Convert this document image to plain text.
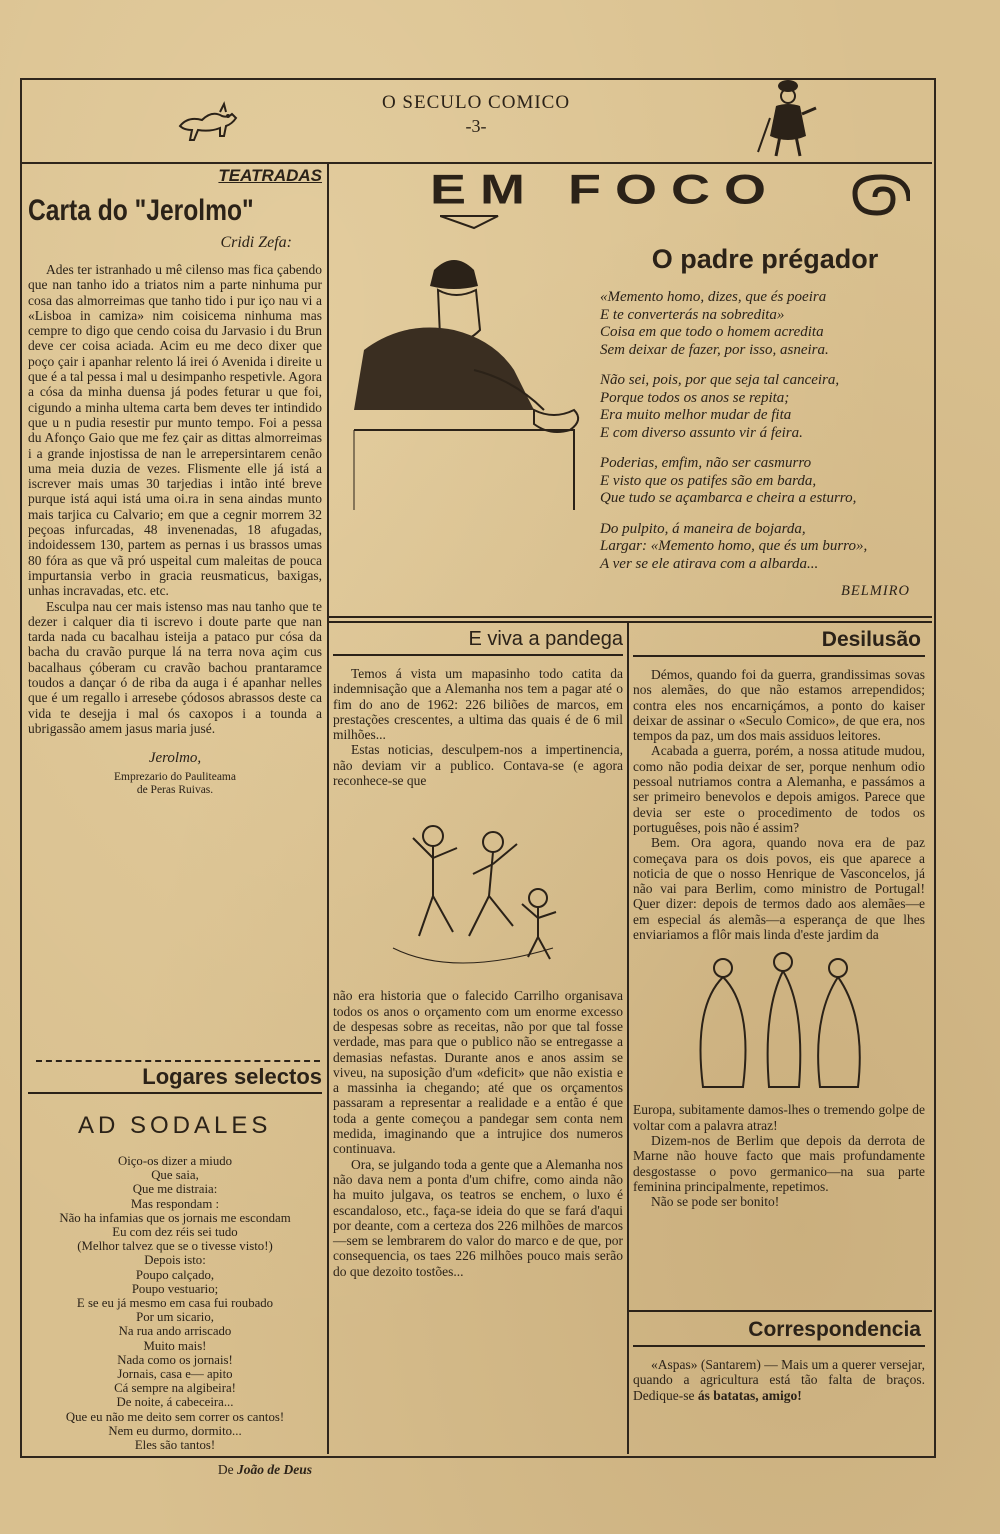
O SECULO COMICO
-3-
TEATRADAS
Carta do "Jerolmo"
Cridi Zefa:
Ades ter istranhado u mê cilenso mas fica çabendo que nan tanho ido a triatos nim a parte ninhuma pur cosa das almorreimas que tanho tido i pur iço nau vi a «Lisboa in camiza» nim coisicema ninhuma mas cempre to digo que cendo coisa du Jarvasio i du Brun deve cer coisa aciada. Acim eu me deco dixer que poço çair i apanhar relento lá irei ó Avenida i direite u que é a tal pessa i mal u desimpanho respetivle. Agora a cósa da minha duensa já podes feturar u que foi, cigundo a minha ultema carta bem deves ter intindido que u n pudia resestir pur munto tempo. Foi a pessa du Afonço Gaio que me fez çair as dittas almorreimas i a grande injostissa de nan le arrepersintarem cenão uma meia duzia de vezes. Flismente elle já istá a iscrever mais umas 30 tarjedias i intão inté breve purque istá aqui istá uma oi.ra in sena aindas munto mais tarjica cu Calvario; em que a cegnir morrem 32 peçoas infurcadas, 48 invenenadas, 18 afugadas, indoidessem 130, partem as pernas i us brassos umas 80 fóra as que vã pró uspeital cum maleitas de pouca impurtansia verbo in gracia reusmaticus, baxigas, unhas incravadas, etc. etc.
Esculpa nau cer mais istenso mas nau tanho que te dezer i calquer dia ti iscrevo i doute parte que nan tarda nada cu bacalhau isteija a pataco pur cósa da bacha du cravão purque lá na terra nova açim cus bacalhaus çóberam cu cravão bachou prantaramce toudos a dançar ó de riba da auga i é apanhar nelles que é um regallo i arresebe çódosos abrassos deste ca vida te desejja i mal ós caxopos i a tounda a ubrigassão amem jasus maria jusé.
Jerolmo,
Emprezario do Pauliteama
de Peras Ruivas.
Logares selectos
AD SODALES
Oiço-os dizer a miudo
Que saia,
Que me distraia:
Mas respondam :
Não ha infamias que os jornais me escondam
Eu com dez réis sei tudo
(Melhor talvez que se o tivesse visto!)
Depois isto:
Poupo calçado,
Poupo vestuario;
E se eu já mesmo em casa fui roubado
Por um sicario,
Na rua ando arriscado
Muito mais!
Nada como os jornais!
Jornais, casa e— apito
Cá sempre na algibeira!
De noite, á cabeceira...
Que eu não me deito sem correr os cantos!
Nem eu durmo, dormito...
Eles são tantos!
De João de Deus
EM FOCO
O padre prégador
«Memento homo, dizes, que és poeira
E te converterás na sobredita»
Coisa em que todo o homem acredita
Sem deixar de fazer, por isso, asneira.
Não sei, pois, por que seja tal canceira,
Porque todos os anos se repita;
Era muito melhor mudar de fita
E com diverso assunto vir á feira.
Poderias, emfim, não ser casmurro
E visto que os patifes são em barda,
Que tudo se açambarca e cheira a esturro,
Do pulpito, á maneira de bojarda,
Largar: «Memento homo, que és um burro»,
A ver se ele atirava com a albarda...
BELMIRO
E viva a pandega
Temos á vista um mapasinho todo catita da indemnisação que a Alemanha nos tem a pagar até o fim do ano de 1962: 226 biliões de marcos, em prestações crescentes, a ultima das quais é de 6 mil milhões...
Estas noticias, desculpem-nos a impertinencia, não deviam vir a publico. Contava-se (e agora reconhece-se que
não era historia que o falecido Carrilho organisava todos os anos o orçamento com um enorme excesso de despesas sobre as receitas, não por que tal fosse verdade, mas para que o publico não se entregasse a demasias nefastas. Durante anos e anos assim se viveu, na suposição d'um «deficit» que não existia e a massinha ia chegando; até que os orçamentos passaram a representar a realidade e a então é que toda a gente começou a pandegar sem conta nem medida, imaginando que a intrujice dos numeros continuava.
Ora, se julgando toda a gente que a Alemanha nos não dava nem a ponta d'um chifre, como ainda não ha muito julgava, os teatros se enchem, o luxo é escandaloso, etc., faça-se ideia do que se fará d'aqui por deante, com a certeza dos 226 milhões de marcos—sem se lembrarem do valor do marco e de que, por consequencia, os taes 226 milhões pouco mais serão do que dezoito tostões...
Desilusão
Démos, quando foi da guerra, grandissimas sovas nos alemães, do que não estamos arrependidos; contra eles nos encarniçámos, a ponto do kaiser deixar de assinar o «Seculo Comico», de que era, nos tempos da paz, um dos mais assiduos leitores.
Acabada a guerra, porém, a nossa atitude mudou, como não podia deixar de ser, porque nenhum odio pessoal nutriamos contra a Alemanha, e passámos a ser primeiro benevolos e depois amigos. Parece que devia ser este o procedimento de todos os portuguêses, pois não é assim?
Bem. Ora agora, quando nova era de paz começava para os dois povos, eis que aparece a noticia de que o nosso Henrique de Vasconcelos, já não vai para Berlim, como ministro de Portugal! Quer dizer: depois de termos dado aos alemães—e em especial ás alemãs—a esperança de que lhes enviariamos a flôr mais linda d'este jardim da
Europa, subitamente damos-lhes o tremendo golpe de voltar com a palavra atraz!
Dizem-nos de Berlim que depois da derrota de Marne não houve facto que mais profundamente desgostasse o povo germanico—na sua parte feminina principalmente, repetimos.
Não se pode ser bonito!
Correspondencia
«Aspas» (Santarem) — Mais um a querer versejar, quando a agricultura está tão falta de braços. Dedique-se ás batatas, amigo!
